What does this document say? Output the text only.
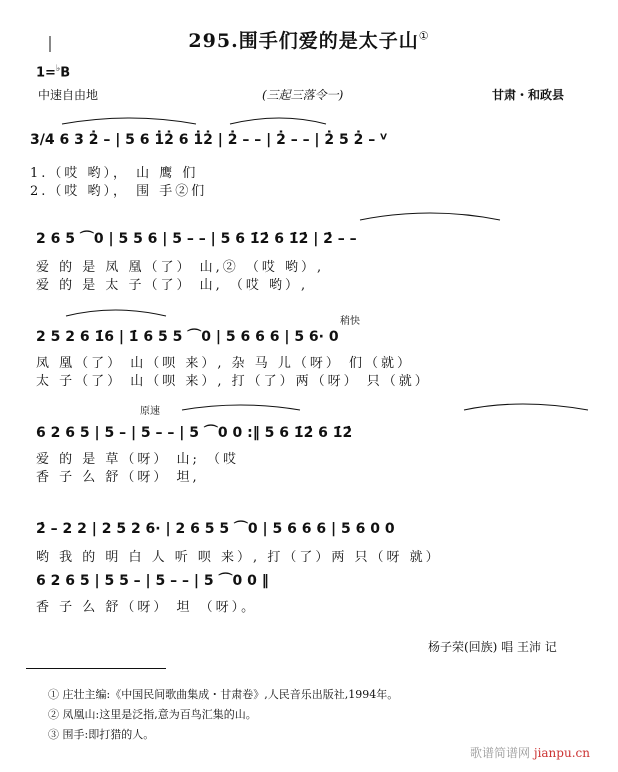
295.围手们爱的是太子山①
1=♭B
中速自由地	(三起三落令一)	甘肃・和政县
稍快
原速
3/4 6 3 2̇ – | 5 6 1̇2̇ 6 1̇2̇ | 2̇ – – | 2̇ – – | 2̇ 5 2̇ – ⱽ
1.（哎 哟）， 山 鹰 们
2.（哎 哟）， 围 手②们
2 6 5 ⌒0 | 5 5 6 | 5 – – | 5 6 1̇2̇ 6 1̇2̇ | 2̇ – –
爱 的 是 凤 凰（了） 山,② （哎 哟）,
爱 的 是 太 子（了） 山, （哎 哟）,
2 5 2 6 1̇6 | 1̇ 6 5 5 ⌒0 | 5 6 6 6 | 5 6· 0
凤 凰（了） 山（呗 来）, 杂 马 儿（呀） 们（就）
太 子（了） 山（呗 来）, 打（了）两（呀） 只（就）
6 2 6 5 | 5 – | 5 – – | 5 ⌒0 0 :‖ 5 6 1̇2̇ 6 1̇2̇
爱 的 是 草（呀） 山; （哎
香 子 么 舒（呀） 坦,
2̇ – 2 2 | 2 5 2 6· | 2 6 5 5 ⌒0 | 5 6 6 6 | 5 6 0 0
哟 我 的 明 白 人 听 呗 来）, 打（了）两 只（呀 就）
6 2 6 5 | 5 5 – | 5 – – | 5 ⌒0 0 ‖
香 子 么 舒（呀） 坦 （呀）。
杨子荣(回族) 唱 王沛 记
① 庄壮主编:《中国民间歌曲集成・甘肃卷》,人民音乐出版社,1994年。
② 凤凰山:这里是泛指,意为百鸟汇集的山。
③ 围手:即打猎的人。
歌谱简谱网 jianpu.cn
